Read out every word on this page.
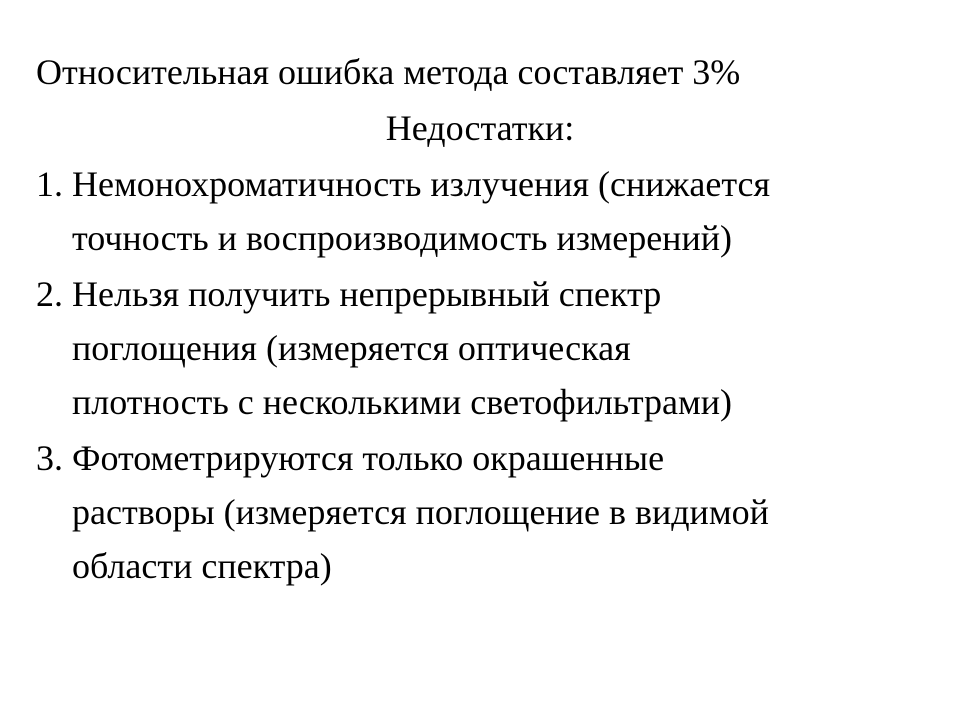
Относительная ошибка метода составляет 3%
Недостатки:
1. Немонохроматичность излучения (снижается
точность и воспроизводимость измерений)
2. Нельзя получить непрерывный спектр
поглощения (измеряется оптическая
плотность с несколькими светофильтрами)
3. Фотометрируются только окрашенные
растворы (измеряется поглощение в видимой
области спектра)
